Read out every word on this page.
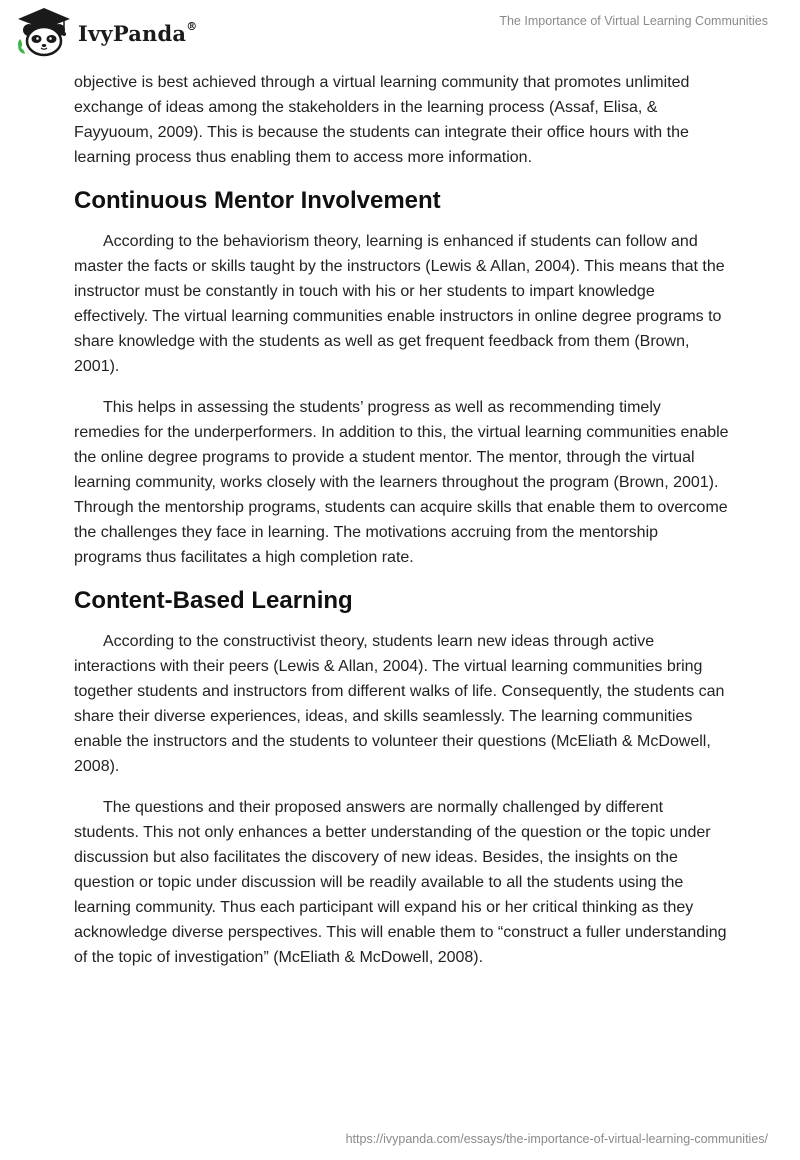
IvyPanda®	The Importance of Virtual Learning Communities

objective is best achieved through a virtual learning community that promotes unlimited exchange of ideas among the stakeholders in the learning process (Assaf, Elisa, & Fayyuoum, 2009). This is because the students can integrate their office hours with the learning process thus enabling them to access more information.

Continuous Mentor Involvement

According to the behaviorism theory, learning is enhanced if students can follow and master the facts or skills taught by the instructors (Lewis & Allan, 2004). This means that the instructor must be constantly in touch with his or her students to impart knowledge effectively. The virtual learning communities enable instructors in online degree programs to share knowledge with the students as well as get frequent feedback from them (Brown, 2001).

This helps in assessing the students’ progress as well as recommending timely remedies for the underperformers. In addition to this, the virtual learning communities enable the online degree programs to provide a student mentor. The mentor, through the virtual learning community, works closely with the learners throughout the program (Brown, 2001). Through the mentorship programs, students can acquire skills that enable them to overcome the challenges they face in learning. The motivations accruing from the mentorship programs thus facilitates a high completion rate.

Content-Based Learning

According to the constructivist theory, students learn new ideas through active interactions with their peers (Lewis & Allan, 2004). The virtual learning communities bring together students and instructors from different walks of life. Consequently, the students can share their diverse experiences, ideas, and skills seamlessly. The learning communities enable the instructors and the students to volunteer their questions (McEliath & McDowell, 2008).

The questions and their proposed answers are normally challenged by different students. This not only enhances a better understanding of the question or the topic under discussion but also facilitates the discovery of new ideas. Besides, the insights on the question or topic under discussion will be readily available to all the students using the learning community. Thus each participant will expand his or her critical thinking as they acknowledge diverse perspectives. This will enable them to “construct a fuller understanding of the topic of investigation” (McEliath & McDowell, 2008).

https://ivypanda.com/essays/the-importance-of-virtual-learning-communities/
